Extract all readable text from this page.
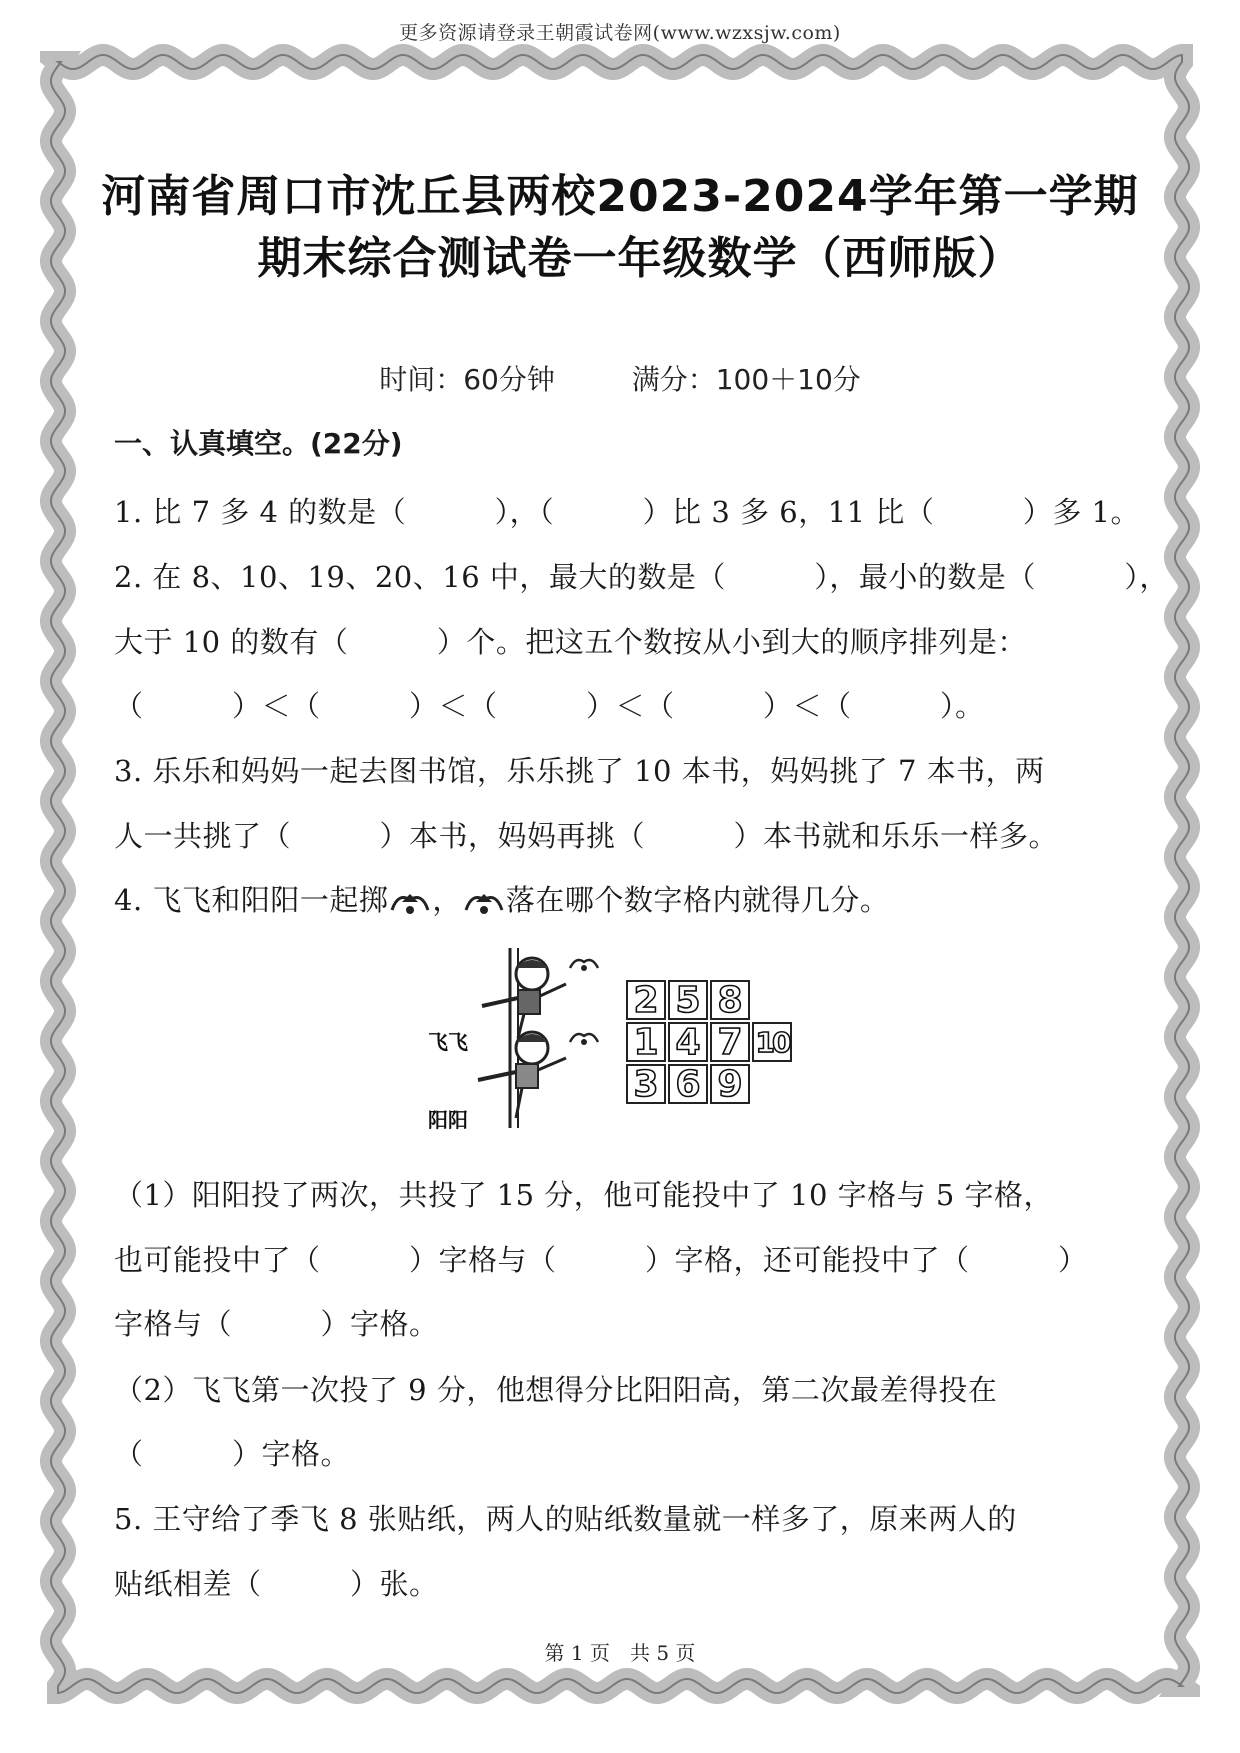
更多资源请登录王朝霞试卷网(www.wzxsjw.com)
河南省周口市沈丘县两校2023-2024学年第一学期
期末综合测试卷一年级数学（西师版）
时间：60分钟	满分：100＋10分
一、认真填空。(22分)
1. 比 7 多 4 的数是（　　　），（　　　）比 3 多 6，11 比（　　　）多 1。
2. 在 8、10、19、20、16 中，最大的数是（　　　），最小的数是（　　　），
大于 10 的数有（　　　）个。把这五个数按从小到大的顺序排列是：
（　　　）＜（　　　）＜（　　　）＜（　　　）＜（　　　）。
3. 乐乐和妈妈一起去图书馆，乐乐挑了 10 本书，妈妈挑了 7 本书，两
人一共挑了（　　　）本书，妈妈再挑（　　　）本书就和乐乐一样多。
4. 飞飞和阳阳一起掷 ， 落在哪个数字格内就得几分。
飞飞
阳阳
2 5 8
1 4 7 10
3 6 9
（1）阳阳投了两次，共投了 15 分，他可能投中了 10 字格与 5 字格，
也可能投中了（　　　）字格与（　　　）字格，还可能投中了（　　　）
字格与（　　　）字格。
（2）飞飞第一次投了 9 分，他想得分比阳阳高，第二次最差得投在
（　　　）字格。
5. 王守给了季飞 8 张贴纸，两人的贴纸数量就一样多了，原来两人的
贴纸相差（　　　）张。
第 1 页　共 5 页
